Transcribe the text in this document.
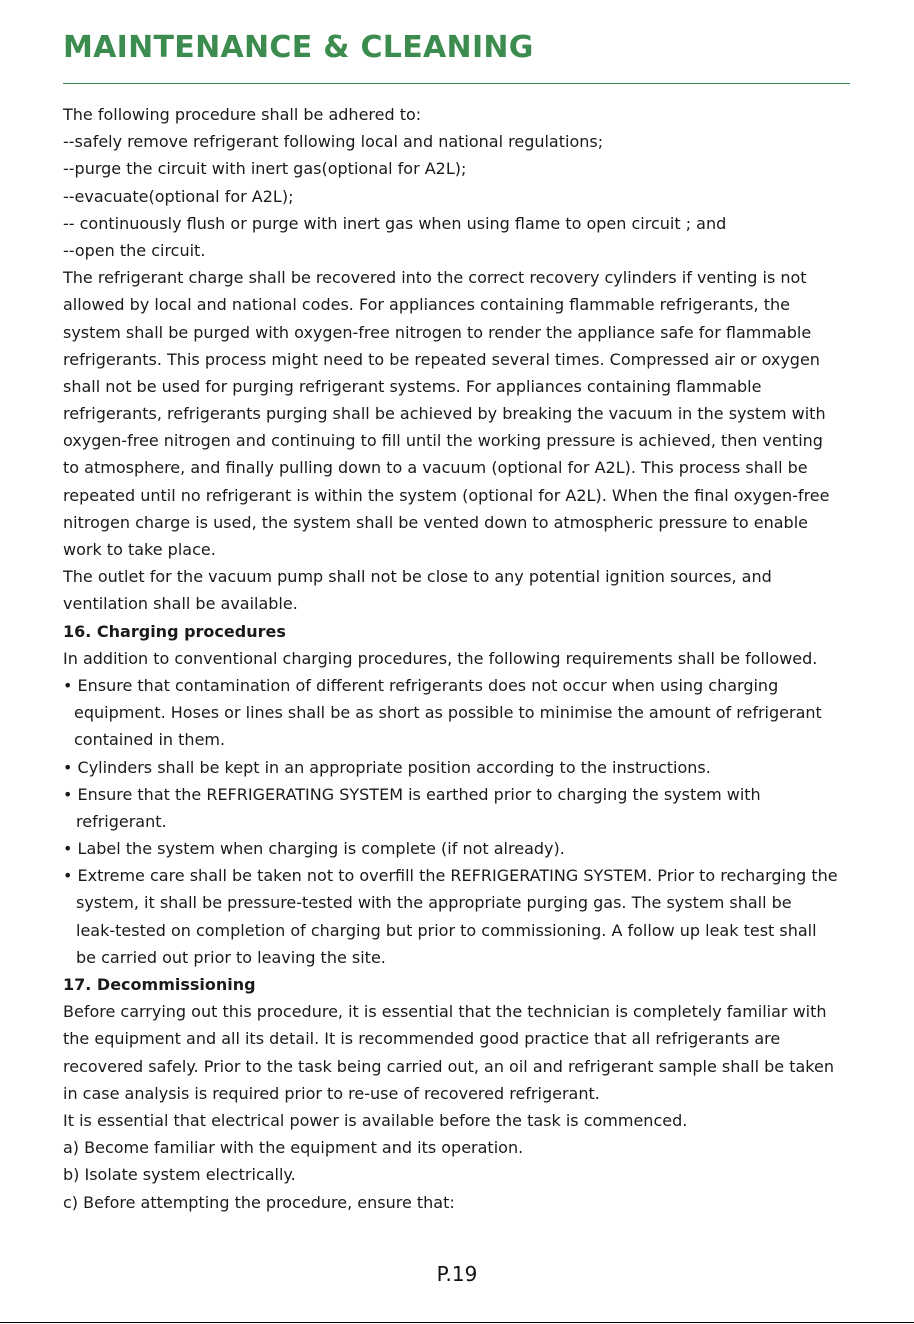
MAINTENANCE & CLEANING
The following procedure shall be adhered to:
--safely remove refrigerant following local and national regulations;
--purge the circuit with inert gas(optional for A2L);
--evacuate(optional for A2L);
-- continuously flush or purge with inert gas when using flame to open circuit ; and
--open the circuit.
The refrigerant charge shall be recovered into the correct recovery cylinders if venting is not
allowed by local and national codes. For appliances containing flammable refrigerants, the
system shall be purged with oxygen-free nitrogen to render the appliance safe for flammable
refrigerants. This process might need to be repeated several times. Compressed air or oxygen
shall not be used for purging refrigerant systems. For appliances containing flammable
refrigerants, refrigerants purging shall be achieved by breaking the vacuum in the system with
oxygen-free nitrogen and continuing to fill until the working pressure is achieved, then venting
to atmosphere, and finally pulling down to a vacuum (optional for A2L). This process shall be
repeated until no refrigerant is within the system (optional for A2L). When the final oxygen-free
nitrogen charge is used, the system shall be vented down to atmospheric pressure to enable
work to take place.
The outlet for the vacuum pump shall not be close to any potential ignition sources, and
ventilation shall be available.
16. Charging procedures
In addition to conventional charging procedures, the following requirements shall be followed.
• Ensure that contamination of different refrigerants does not occur when using charging
equipment. Hoses or lines shall be as short as possible to minimise the amount of refrigerant
contained in them.
• Cylinders shall be kept in an appropriate position according to the instructions.
• Ensure that the REFRIGERATING SYSTEM is earthed prior to charging the system with
refrigerant.
• Label the system when charging is complete (if not already).
• Extreme care shall be taken not to overfill the REFRIGERATING SYSTEM. Prior to recharging the
system, it shall be pressure-tested with the appropriate purging gas. The system shall be
leak-tested on completion of charging but prior to commissioning. A follow up leak test shall
be carried out prior to leaving the site.
17. Decommissioning
Before carrying out this procedure, it is essential that the technician is completely familiar with
the equipment and all its detail. It is recommended good practice that all refrigerants are
recovered safely. Prior to the task being carried out, an oil and refrigerant sample shall be taken
in case analysis is required prior to re-use of recovered refrigerant.
It is essential that electrical power is available before the task is commenced.
a) Become familiar with the equipment and its operation.
b) Isolate system electrically.
c) Before attempting the procedure, ensure that:
P.19
